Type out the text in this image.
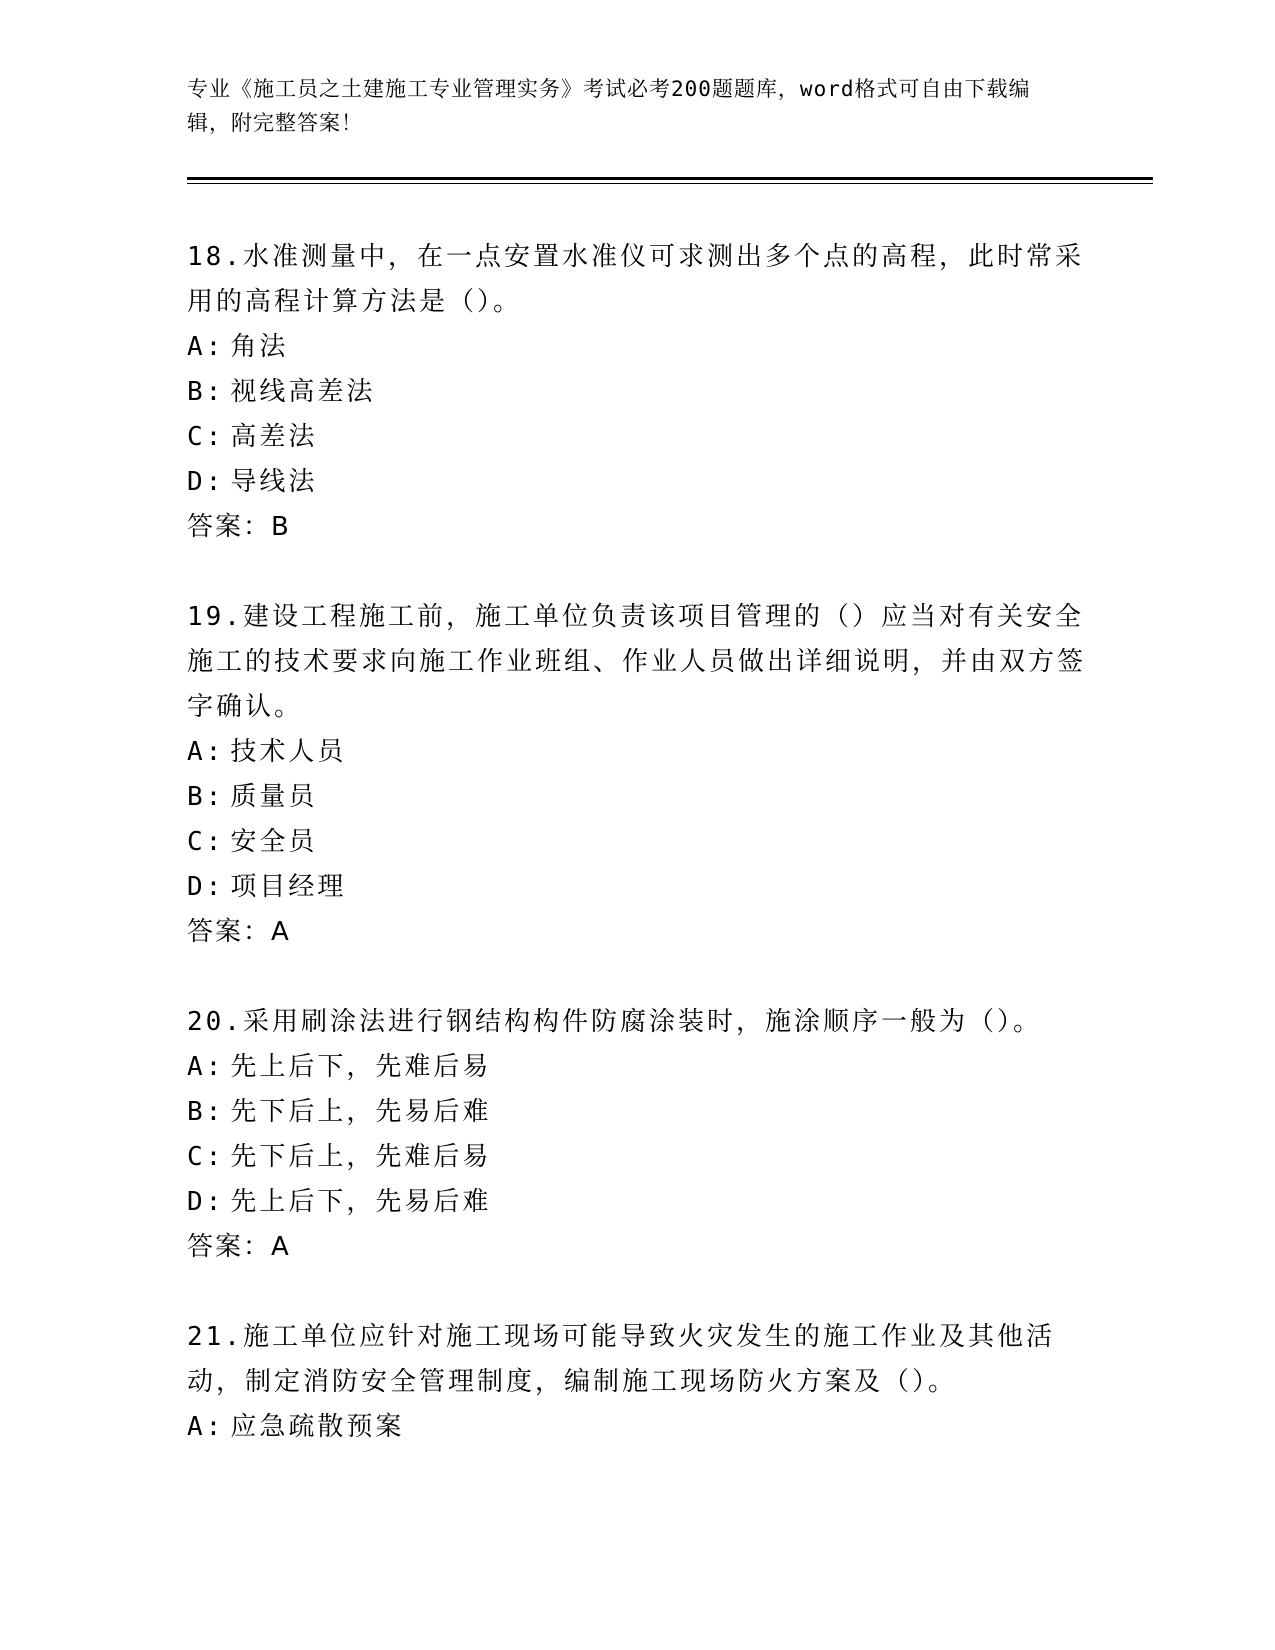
专业《施工员之土建施工专业管理实务》考试必考200题题库，word格式可自由下载编辑，附完整答案！
18.水准测量中，在一点安置水准仪可求测出多个点的高程，此时常采用的高程计算方法是（）。
A: 角法
B: 视线高差法
C: 高差法
D: 导线法
答案：B
19.建设工程施工前，施工单位负责该项目管理的（）应当对有关安全施工的技术要求向施工作业班组、作业人员做出详细说明，并由双方签字确认。
A: 技术人员
B: 质量员
C: 安全员
D: 项目经理
答案：A
20.采用刷涂法进行钢结构构件防腐涂装时，施涂顺序一般为（）。
A: 先上后下，先难后易
B: 先下后上，先易后难
C: 先下后上，先难后易
D: 先上后下，先易后难
答案：A
21.施工单位应针对施工现场可能导致火灾发生的施工作业及其他活动，制定消防安全管理制度，编制施工现场防火方案及（）。
A: 应急疏散预案
